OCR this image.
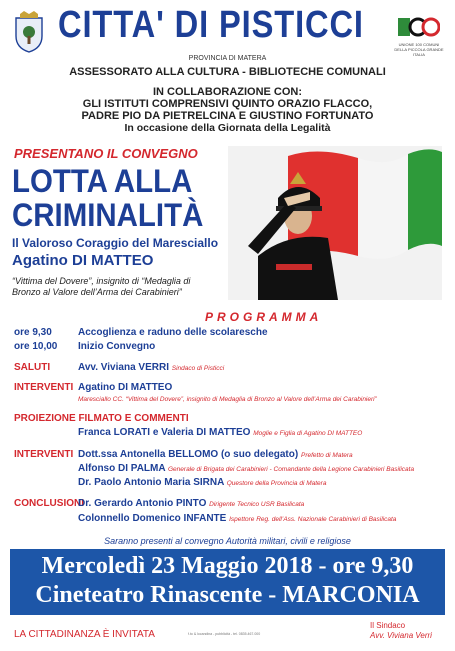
CITTA' DI PISTICCI	UNIONE 100 COMUNI DELLA PICCOLA GRANDE ITALIA
PROVINCIA DI MATERA
ASSESSORATO ALLA CULTURA - BIBLIOTECHE COMUNALI
IN COLLABORAZIONE CON:
GLI ISTITUTI COMPRENSIVI QUINTO ORAZIO FLACCO,
PADRE PIO DA PIETRELCINA E GIUSTINO FORTUNATO
In occasione della Giornata della Legalità
PRESENTANO IL CONVEGNO
LOTTA ALLA
CRIMINALITÀ
Il Valoroso Coraggio del Maresciallo
Agatino DI MATTEO
“Vittima del Dovere”, insignito di “Medaglia di
Bronzo al Valore dell’Arma dei Carabinieri”
PROGRAMMA
ore 9,30	Accoglienza e raduno delle scolaresche
ore 10,00 Inizio Convegno
SALUTI	Avv. Viviana VERRI Sindaco di Pisticci
INTERVENTI Agatino DI MATTEO
Maresciallo CC. “Vittima del Dovere”, insignito di Medaglia di Bronzo al Valore dell’Arma dei Carabinieri”
PROIEZIONE FILMATO E COMMENTI
Franca LORATI e Valeria DI MATTEO Moglie e Figlia di Agatino DI MATTEO
INTERVENTI Dott.ssa Antonella BELLOMO (o suo delegato) Prefetto di Matera
Alfonso DI PALMA Generale di Brigata dei Carabinieri - Comandante della Legione Carabinieri Basilicata
Dr. Paolo Antonio Maria SIRNA Questore della Provincia di Matera
CONCLUSIONI
Dr. Gerardo Antonio PINTO Dirigente Tecnico USR Basilicata
Colonnello Domenico INFANTE Ispettore Reg. dell’Ass. Nazionale Carabinieri di Basilicata
Saranno presenti al convegno Autorità militari, civili e religiose
Mercoledì 23 Maggio 2018 - ore 9,30
Cineteatro Rinascente - MARCONIA
LA CITTADINANZA È INVITATA	f.to & locandina - pubblicità - tel. 0835.467.000
Il Sindaco
Avv. Viviana Verri
